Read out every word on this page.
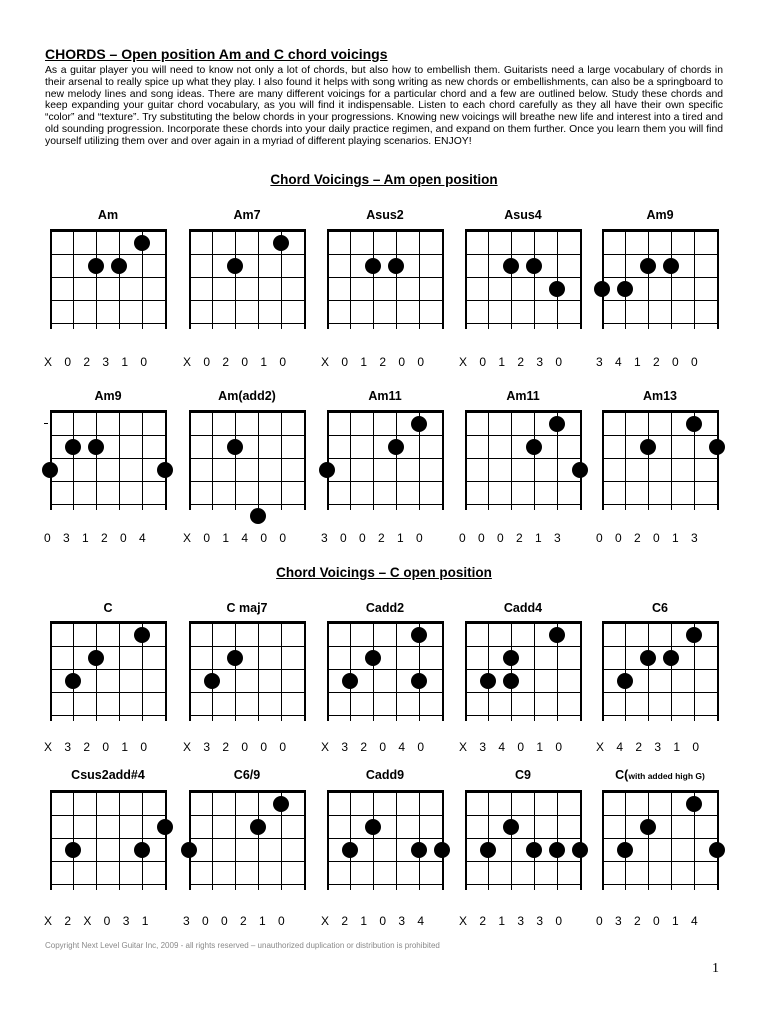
CHORDS – Open position Am and C chord voicings
As a guitar player you will need to know not only a lot of chords, but also how to embellish them. Guitarists need a large vocabulary of chords in their arsenal to really spice up what they play. I also found it helps with song writing as new chords or embellishments, can also be a springboard to new melody lines and song ideas. There are many different voicings for a particular chord and a few are outlined below. Study these chords and keep expanding your guitar chord vocabulary, as you will find it indispensable. Listen to each chord carefully as they all have their own specific “color” and “texture”. Try substituting the below chords in your progressions. Knowing new voicings will breathe new life and interest into a tired and old sounding progression. Incorporate these chords into your daily practice regimen, and expand on them further. Once you learn them you will find yourself utilizing them over and over again in a myriad of different playing scenarios. ENJOY!
Chord Voicings – Am open position
Chord Voicings – C open position
Am
X 0 2 3 1 0
Am7
X 0 2 0 1 0
Asus2
X 0 1 2 0 0
Asus4
X 0 1 2 3 0
Am9
3 4 1 2 0 0
Am9
0 3 1 2 0 4
Am(add2)
X 0 1 4 0 0
Am11
3 0 0 2 1 0
Am11
0 0 0 2 1 3
Am13
0 0 2 0 1 3
C
X 3 2 0 1 0
C maj7
X 3 2 0 0 0
Cadd2
X 3 2 0 4 0
Cadd4
X 3 4 0 1 0
C6
X 4 2 3 1 0
Csus2add#4
X 2 X 0 3 1
C6/9
3 0 0 2 1 0
Cadd9
X 2 1 0 3 4
C9
X 2 1 3 3 0
C(with added high G)
0 3 2 0 1 4
Copyright Next Level Guitar Inc, 2009 - all rights reserved – unauthorized duplication or distribution is prohibited
1
